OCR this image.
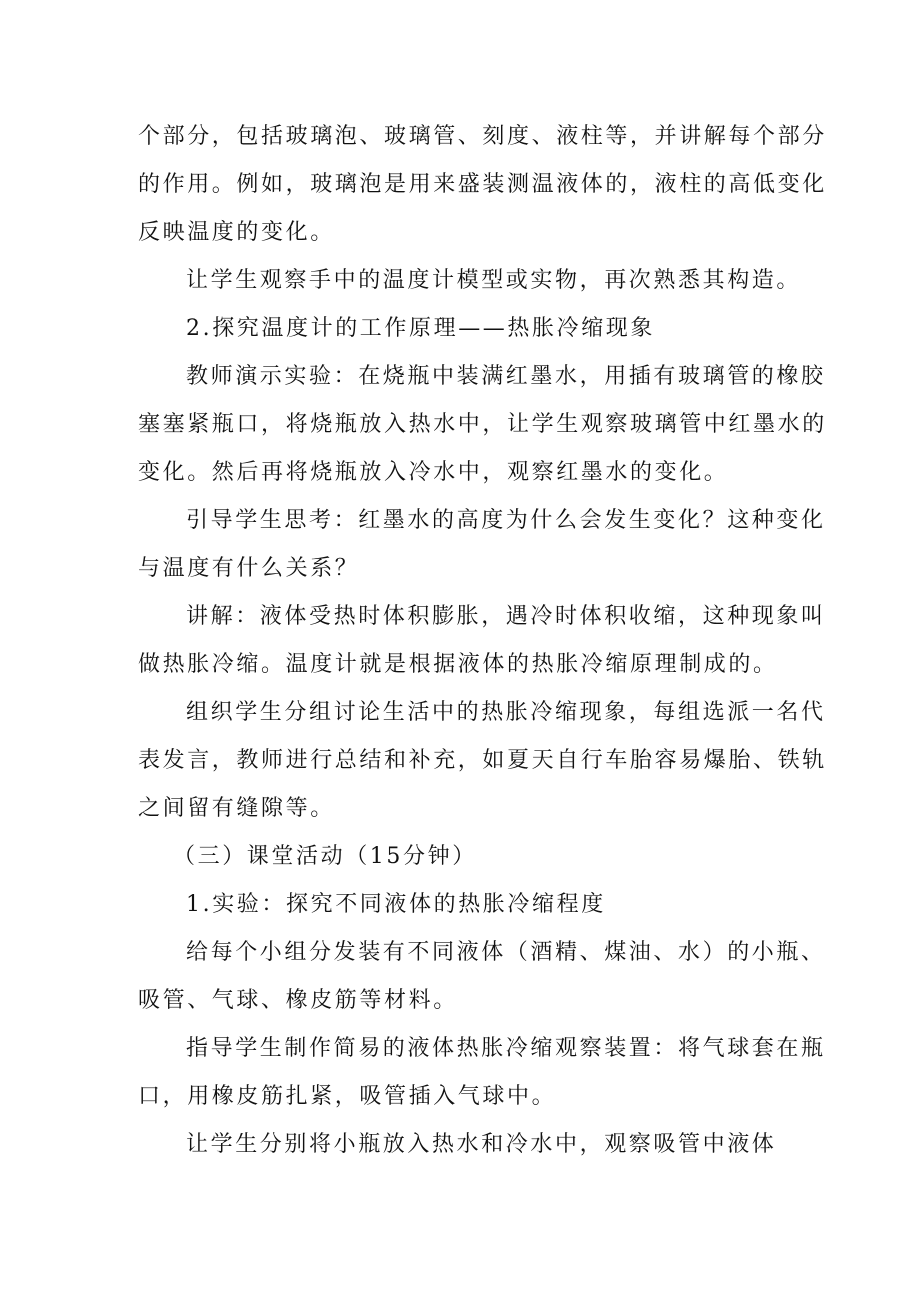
个部分，包括玻璃泡、玻璃管、刻度、液柱等，并讲解每个部分
的作用。例如，玻璃泡是用来盛装测温液体的，液柱的高低变化
反映温度的变化。
让学生观察手中的温度计模型或实物，再次熟悉其构造。
2.探究温度计的工作原理——热胀冷缩现象
教师演示实验：在烧瓶中装满红墨水，用插有玻璃管的橡胶
塞塞紧瓶口，将烧瓶放入热水中，让学生观察玻璃管中红墨水的
变化。然后再将烧瓶放入冷水中，观察红墨水的变化。
引导学生思考：红墨水的高度为什么会发生变化？这种变化
与温度有什么关系？
讲解：液体受热时体积膨胀，遇冷时体积收缩，这种现象叫
做热胀冷缩。温度计就是根据液体的热胀冷缩原理制成的。
组织学生分组讨论生活中的热胀冷缩现象，每组选派一名代
表发言，教师进行总结和补充，如夏天自行车胎容易爆胎、铁轨
之间留有缝隙等。
（三）课堂活动（15分钟）
1.实验：探究不同液体的热胀冷缩程度
给每个小组分发装有不同液体（酒精、煤油、水）的小瓶、
吸管、气球、橡皮筋等材料。
指导学生制作简易的液体热胀冷缩观察装置：将气球套在瓶
口，用橡皮筋扎紧，吸管插入气球中。
让学生分别将小瓶放入热水和冷水中，观察吸管中液体
